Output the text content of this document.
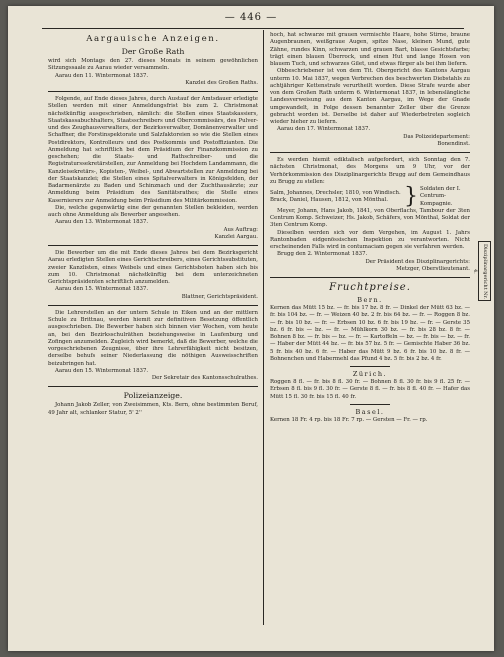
— 446 —
Aargauische Anzeigen.
Der Große Rath

wird sich Montags den 27. dieses Monats in seinem gewöhnlichen Sitzungssaale zu Aarau wieder versammeln.

Aarau den 11. Wintermonat 1837.

Kanzlei des Großen Raths.

Folgende, auf Ende dieses Jahres, durch Austauf der Amtsdauer erledigte Stellen werden mit einer Anmeldungsfrist bis zum 2. Christmonat nächstkünftig ausgeschrieben, nämlich: die Stellen eines Staatskassiers, Staatskassabuchhalters, Staatsschreibers und Obercommissärs, des Pulver- und des Zeughausverwalters, der Bezirksverwalter, Domänenverwalter und Schaffner, die Forstinspektorate und Salzfaktoreien so wie die Stellen eines Postdirektors, Kontrolleurs und des Postkommis und Postoffizianten. Die Anmeldung hat schriftlich bei dem Präsidium der Finanzkommission zu geschehen; die Staats- und Rathschreiber- und die Registraturssekretärstellen, zur Anmeldung bei Hochdem Landammann, die Kanzleisekretärs-, Kopisten-, Weibel-, und Abwartstellen zur Anmeldung bei der Staatskanzlei; die Stellen eines Spitalverwalters in Königsfelden, der Badarmenärzte zu Baden und Schinznach und der Zuchthausärzte; zur Anmeldung beim Präsidium des Sanitätsrathes; die Stelle eines Kasernierers zur Anmeldung beim Präsidium des Militärkommission.

Die, welche gegenwärtig eine der genannten Stellen bekleiden, werden auch ohne Anmeldung als Bewerber angesehen.

Aarau den 13. Wintermonat 1837.

Aus Auftrag:

Kanzlei Aargau.

Die Bewerber um die mit Ende dieses Jahres bei dem Bezirksgericht Aarau erledigten Stellen eines Gerichtschreibers, eines Gerichtssubstituten, zweier Kanzlisten, eines Weibels und eines Gerichtsboten haben sich bis zum 10. Christmonat nächstkünftig bei dem unterzeichneten Gerichtspräsidenten schriftlich anzumelden.

Aarau den 15. Wintermonat 1837.

Blattner, Gerichtspräsident.

Die Lehrerstellen an der untern Schule in Eiken und an der mittlern Schule zu Brittnau, werden hiemit zur definitiven Besetzung öffentlich ausgeschrieben. Die Bewerber haben sich binnen vier Wochen, vom heute an, bei den Bezirksschulräthen beziehungsweise in Laufenburg und Zofingen anzumelden. Zugleich wird bemerkt, daß die Bewerber, welche die vorgeschriebenen Zeugnisse, über ihre Lehrerfähigkeit nicht besitzen, derselbe behufs seiner Niederlassung die nöthigen Ausweisschriften beizubringen hat.

Aarau den 15. Wintermonat 1837.

Der Sekretair des Kantonsschulrathes.

Polizeianzeige.

Johann Jakob Zeller, von Zweisimmen, Kts. Bern, ohne bestimmten Beruf, 49 Jahr alt, schlanker Statur, 5' 2''

hoch, hat schwarze mit grauen vermischte Haare, hohe Stirne, braune Augenbraunen, weißgraue Augen, spitze Nase, kleinen Mund, gute Zähne, rundes Kinn, schwarzen und grauen Bart, blasse Gesichtsfarbe; trägt einen blauen Überrock, und einen Hut und lange Hosen von blauem Tuch, und schwarzes Gilet, und etwas fürger als bei ihm liefern.

Obbeschriebener ist von dem Tit. Obergericht des Kantons Aargau unterm 10. Mai 1837, wegen Verbrechen des beschwerten Diebstahls zu achtjähriger Kettenstrafe verurtheilt worden. Diese Strafe wurde aber von dem Großen Rath unterm 6. Wintermonat 1837, in lebenslängliche Landesverweisung aus dem Kanton Aargau, im Wege der Gnade umgewandelt, in Folge dessen benannter Zeller über die Grenze gebracht worden ist. Derselbe ist daher auf Wiederbetreten sogleich wieder hieher zu liefern.

Aarau den 17. Wintermonat 1837.

Das Polizeidepartement:

Bonendinst.

Es werden hiemit ediktalisch aufgefordert, sich Sonntag den 7. nächsten Christmonat, des Morgens um 9 Uhr, vor der Verhörkommission des Disziplinargerichts Brugg auf dem Gemeindhaus zu Brugg zu stellen:

Salm, Johannes, Drechsler, 1810, von Windisch. Brack, Daniel, Hausen, 1812, von Mönthal. } Soldaten der I. Centrum-Kompagnie.

Meyer, Johann, Hans Jakob, 1841, von Oberflachs, Tambour der 3ten Centrum Komp. Schweizer, Hs. Jakob, Schäfers, von Mönthal, Soldat der 3ten Centrum Komp.

Dieselben werden sich vor dem Vergehen, im August 1. Jahrs Rantonbaden eidgenössischen Inspektion zu verantworten. Nicht erscheinenden Falls wird in contumaciam gegen sie verfahren werden.

Brugg den 2. Wintermonat 1837.

Der Präsident des Disziplinargerichts:

Metzger, Oberstlieutenant.

Fruchtpreise.
Bern.

Kernen das Mütt 15 bz. — fr. bis 17 bz. 8 fr. — Dinkel der Mütt 63 bz. — fr. bis 104 bz. — fr. — Weizen 40 bz. 2 fr. bis 64 bz. — fr. — Roggen 8 bz. — fr. bis 10 bz. — fr. — Erbsen 10 bz. 6 fr. bis 19 bz. — fr. — Gerste 35 bz. 6 fr. bis — bz. — fr. — Mühlkorn 30 bz. — fr. bis 28 bz. 8 fr. — Bohnen 8 bz. — fr. bis — bz. — fr. — Kartoffeln — bz. — fr. bis — bz. — fr. — Haber der Mütt 44 bz. — fr. bis 57 bz. 5 fr. — Gemischte Haber 36 bz. 5 fr. bis 40 bz. 6 fr. — Haber das Mütt 9 bz. 6 fr. bis 10 bz. 8 fr. — Bohnenchen und Habermehl das Pfund 4 bz. 5 fr. bis 2 bz. 4 fr.

Zürich.

Roggen 8 fl. — fr. bis 8 fl. 30 fr. — Bohnen 8 fl. 30 fr. bis 9 fl. 25 fr. — Erbsen 8 fl. bis 9 fl. 30 fr. — Gerste 8 fl. — fr. bis 8 fl. 40 fr. — Hafer das Mütt 15 fl. 30 fr. bis 15 fl. 40 fr.

Basel.

Kernen 18 Fr. 4 rp. bis 18 Fr. 7 rp. — Gersten — Fr. — rp.

Disziplinargericht Nr. 4.
